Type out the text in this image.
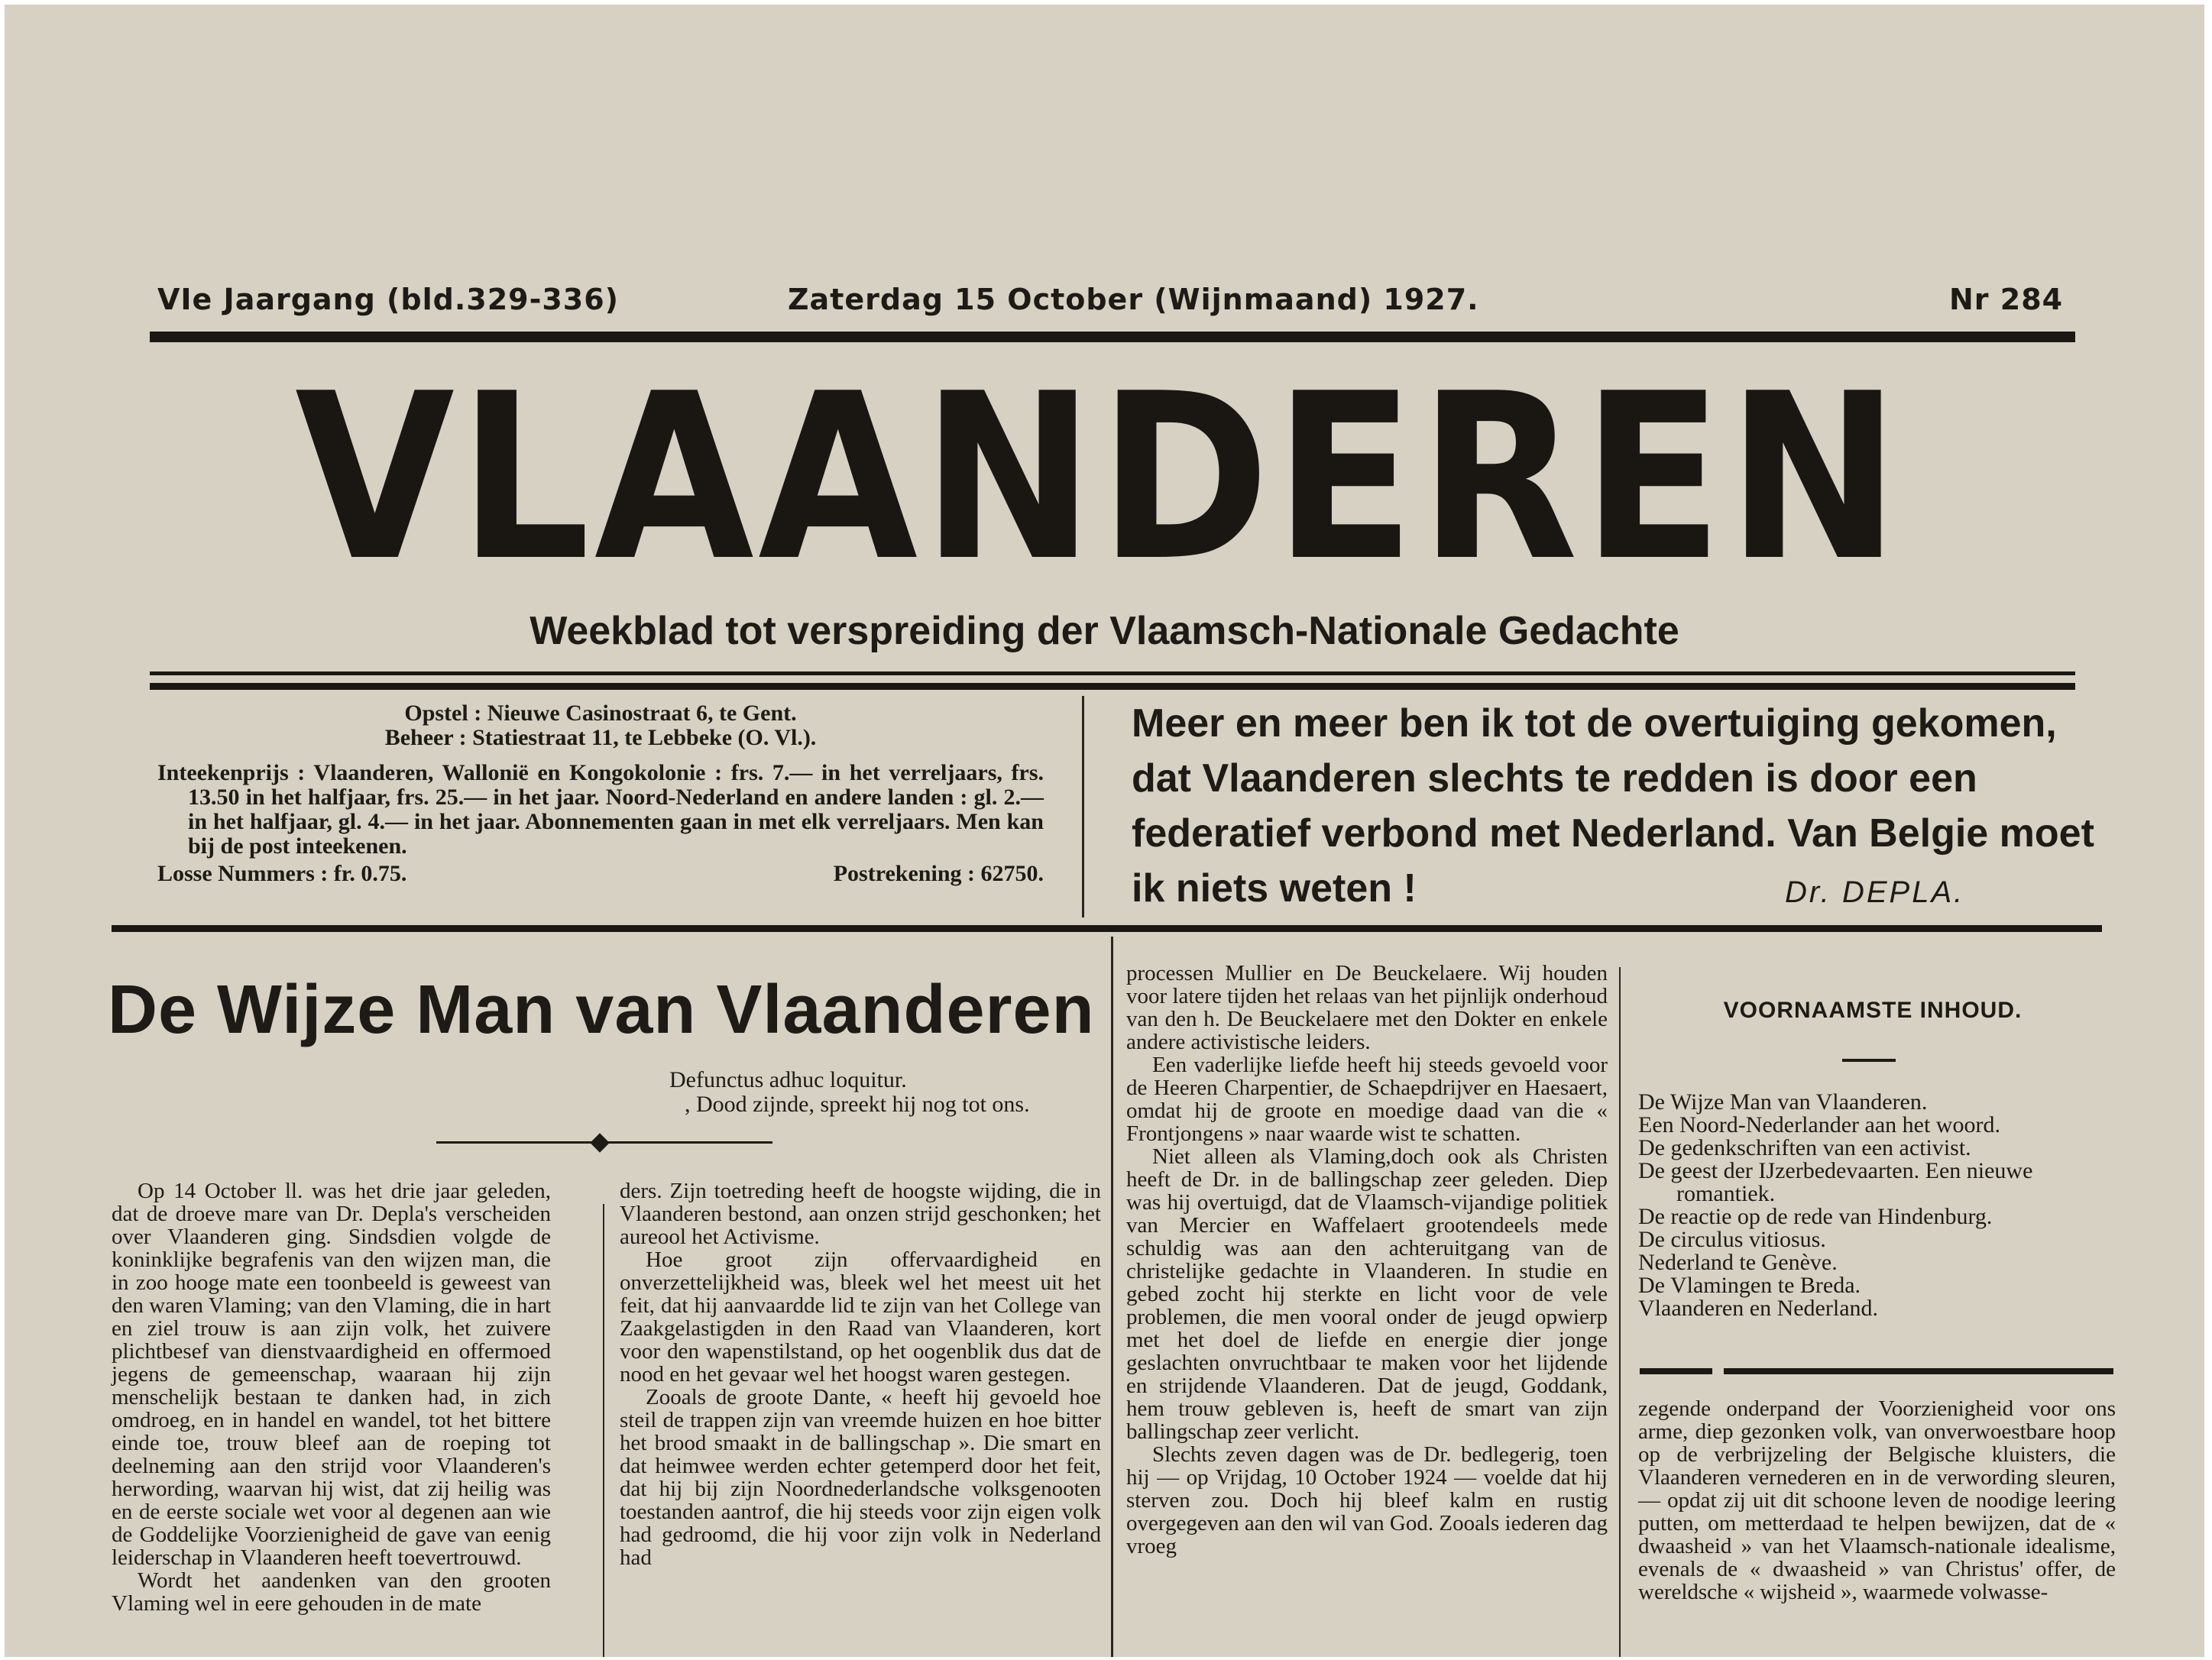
VIe Jaargang (bld.329-336)	Zaterdag 15 October (Wijnmaand) 1927.	Nr 284
VLAANDEREN
Weekblad tot verspreiding der Vlaamsch-Nationale Gedachte
Opstel : Nieuwe Casinostraat 6, te Gent.
Beheer : Statiestraat 11, te Lebbeke (O. Vl.).
Inteekenprijs : Vlaanderen, Wallonië en Kongokolonie : frs. 7.— in het verreljaars, frs. 13.50 in het halfjaar, frs. 25.— in het jaar. Noord-Nederland en andere landen : gl. 2.— in het halfjaar, gl. 4.— in het jaar. Abonnementen gaan in met elk verreljaars. Men kan bij de post inteekenen.
Losse Nummers : fr. 0.75.	Postrekening : 62750.
Meer en meer ben ik tot de overtuiging gekomen, dat Vlaanderen slechts te redden is door een federatief verbond met Nederland. Van Belgie moet ik niets weten !	Dr. DEPLA.
De Wijze Man van Vlaanderen
Defunctus adhuc loquitur.
, Dood zijnde, spreekt hij nog tot ons.

Op 14 October ll. was het drie jaar geleden, dat de droeve mare van Dr. Depla's verscheiden over Vlaanderen ging. Sindsdien volgde de koninklijke begrafenis van den wijzen man, die in zoo hooge mate een toonbeeld is geweest van den waren Vlaming; van den Vlaming, die in hart en ziel trouw is aan zijn volk, het zuivere plichtbesef van dienstvaardigheid en offermoed jegens de gemeenschap, waaraan hij zijn menschelijk bestaan te danken had, in zich omdroeg, en in handel en wandel, tot het bittere einde toe, trouw bleef aan de roeping tot deelneming aan den strijd voor Vlaanderen's herwording, waarvan hij wist, dat zij heilig was en de eerste sociale wet voor al degenen aan wie de Goddelijke Voorzienigheid de gave van eenig leiderschap in Vlaanderen heeft toevertrouwd.

Wordt het aandenken van den grooten Vlaming wel in eere gehouden in de mate

ders. Zijn toetreding heeft de hoogste wijding, die in Vlaanderen bestond, aan onzen strijd geschonken; het aureool het Activisme.

Hoe groot zijn offervaardigheid en onverzettelijkheid was, bleek wel het meest uit het feit, dat hij aanvaardde lid te zijn van het College van Zaakgelastigden in den Raad van Vlaanderen, kort voor den wapenstilstand, op het oogenblik dus dat de nood en het gevaar wel het hoogst waren gestegen.

Zooals de groote Dante, « heeft hij gevoeld hoe steil de trappen zijn van vreemde huizen en hoe bitter het brood smaakt in de ballingschap ». Die smart en dat heimwee werden echter getemperd door het feit, dat hij bij zijn Noordnederlandsche volksgenooten toestanden aantrof, die hij steeds voor zijn eigen volk had gedroomd, die hij voor zijn volk in Nederland had

processen Mullier en De Beuckelaere. Wij houden voor latere tijden het relaas van het pijnlijk onderhoud van den h. De Beuckelaere met den Dokter en enkele andere activistische leiders.

Een vaderlijke liefde heeft hij steeds gevoeld voor de Heeren Charpentier, de Schaepdrijver en Haesaert, omdat hij de groote en moedige daad van die « Frontjongens » naar waarde wist te schatten.

Niet alleen als Vlaming,doch ook als Christen heeft de Dr. in de ballingschap zeer geleden. Diep was hij overtuigd, dat de Vlaamsch-vijandige politiek van Mercier en Waffelaert grootendeels mede schuldig was aan den achteruitgang van de christelijke gedachte in Vlaanderen. In studie en gebed zocht hij sterkte en licht voor de vele problemen, die men vooral onder de jeugd opwierp met het doel de liefde en energie dier jonge geslachten onvruchtbaar te maken voor het lijdende en strijdende Vlaanderen. Dat de jeugd, Goddank, hem trouw gebleven is, heeft de smart van zijn ballingschap zeer verlicht.

Slechts zeven dagen was de Dr. bedlegerig, toen hij — op Vrijdag, 10 October 1924 — voelde dat hij sterven zou. Doch hij bleef kalm en rustig overgegeven aan den wil van God. Zooals iederen dag vroeg

VOORNAAMSTE INHOUD.
De Wijze Man van Vlaanderen.
Een Noord-Nederlander aan het woord.
De gedenkschriften van een activist.
De geest der IJzerbedevaarten. Een nieuwe romantiek.
De reactie op de rede van Hindenburg.
De circulus vitiosus.
Nederland te Genève.
De Vlamingen te Breda.
Vlaanderen en Nederland.

zegende onderpand der Voorzienigheid voor ons arme, diep gezonken volk, van onverwoestbare hoop op de verbrijzeling der Belgische kluisters, die Vlaanderen vernederen en in de verwording sleuren, — opdat zij uit dit schoone leven de noodige leering putten, om metterdaad te helpen bewijzen, dat de « dwaasheid » van het Vlaamsch-nationale idealisme, evenals de « dwaasheid » van Christus' offer, de wereldsche « wijsheid », waarmede volwasse-
